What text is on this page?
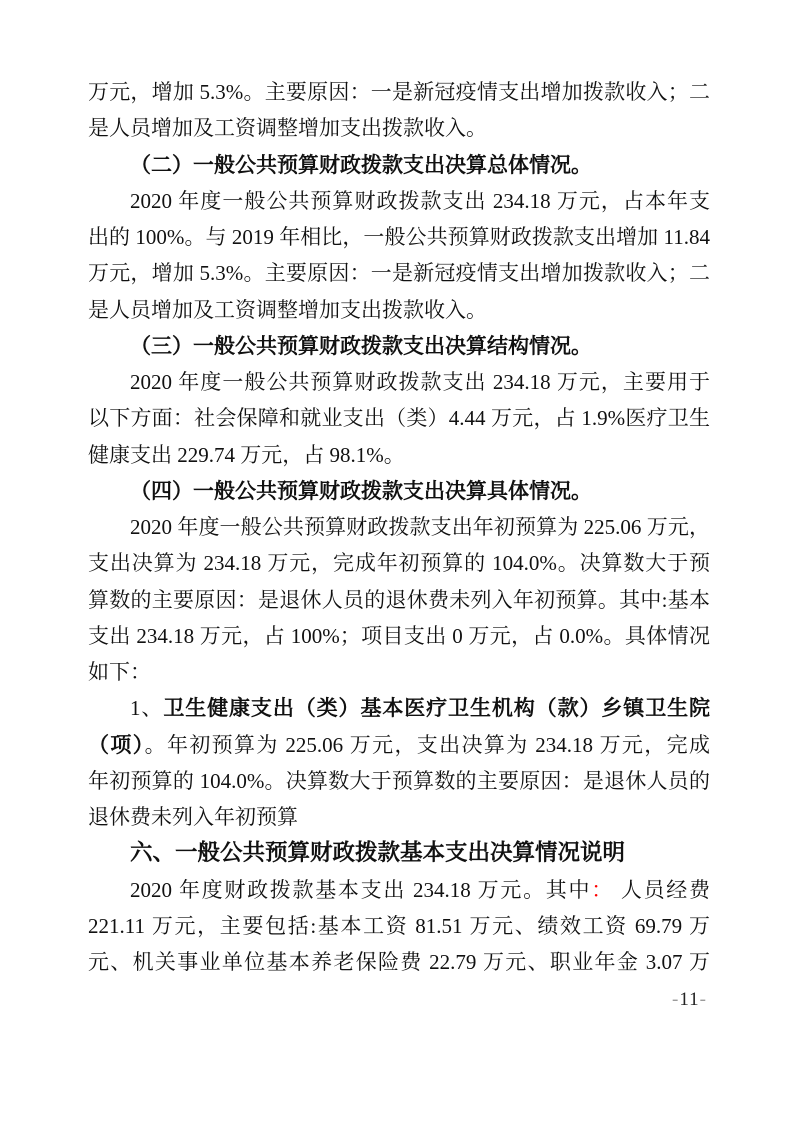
万元，增加 5.3%。主要原因：一是新冠疫情支出增加拨款收入；二
是人员增加及工资调整增加支出拨款收入。
（二）一般公共预算财政拨款支出决算总体情况。
2020 年度一般公共预算财政拨款支出 234.18 万元，占本年支
出的 100%。与 2019 年相比，一般公共预算财政拨款支出增加 11.84
万元，增加 5.3%。主要原因：一是新冠疫情支出增加拨款收入；二
是人员增加及工资调整增加支出拨款收入。
（三）一般公共预算财政拨款支出决算结构情况。
2020 年度一般公共预算财政拨款支出 234.18 万元，主要用于
以下方面：社会保障和就业支出（类）4.44 万元，占 1.9%医疗卫生
健康支出 229.74 万元，占 98.1%。
（四）一般公共预算财政拨款支出决算具体情况。
2020 年度一般公共预算财政拨款支出年初预算为 225.06 万元，
支出决算为 234.18 万元，完成年初预算的 104.0%。决算数大于预
算数的主要原因：是退休人员的退休费未列入年初预算。其中:基本
支出 234.18 万元，占 100%；项目支出 0 万元，占 0.0%。具体情况
如下：
1、卫生健康支出（类）基本医疗卫生机构（款）乡镇卫生院
（项）。年初预算为 225.06 万元，支出决算为 234.18 万元，完成
年初预算的 104.0%。决算数大于预算数的主要原因：是退休人员的
退休费未列入年初预算
六、一般公共预算财政拨款基本支出决算情况说明
2020 年度财政拨款基本支出 234.18 万元。其中： 人员经费
221.11 万元，主要包括:基本工资 81.51 万元、绩效工资 69.79 万
元、机关事业单位基本养老保险费 22.79 万元、职业年金 3.07 万
-11-
